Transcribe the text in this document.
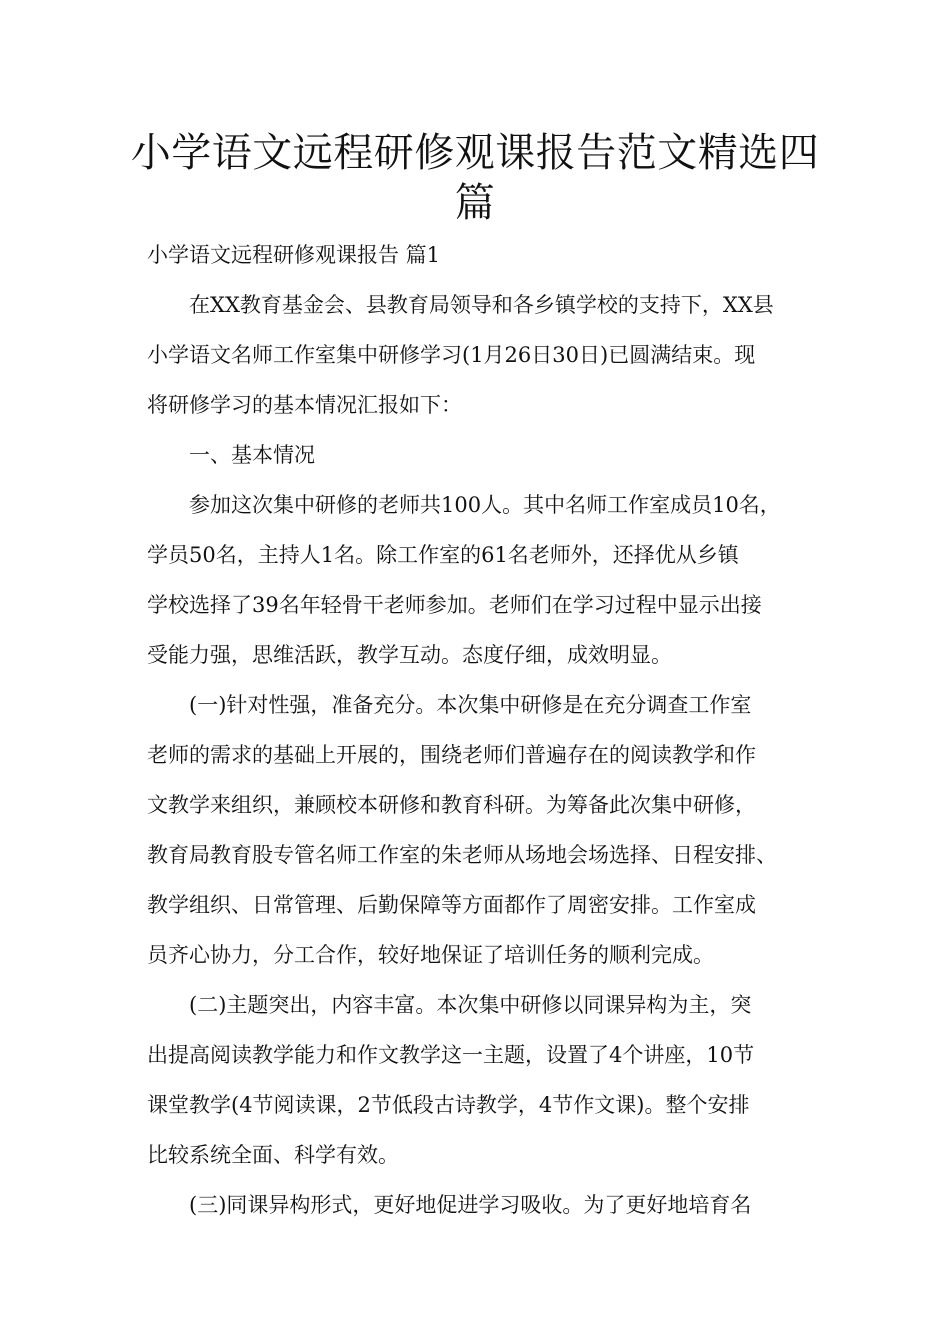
小学语文远程研修观课报告范文精选四
篇

小学语文远程研修观课报告 篇1

在XX教育基金会、县教育局领导和各乡镇学校的支持下，XX县

小学语文名师工作室集中研修学习(1月26日30日)已圆满结束。现

将研修学习的基本情况汇报如下：

一、基本情况

参加这次集中研修的老师共100人。其中名师工作室成员10名，

学员50名，主持人1名。除工作室的61名老师外，还择优从乡镇

学校选择了39名年轻骨干老师参加。老师们在学习过程中显示出接

受能力强，思维活跃，教学互动。态度仔细，成效明显。

(一)针对性强，准备充分。本次集中研修是在充分调查工作室

老师的需求的基础上开展的，围绕老师们普遍存在的阅读教学和作

文教学来组织，兼顾校本研修和教育科研。为筹备此次集中研修，

教育局教育股专管名师工作室的朱老师从场地会场选择、日程安排、

教学组织、日常管理、后勤保障等方面都作了周密安排。工作室成

员齐心协力，分工合作，较好地保证了培训任务的顺利完成。

(二)主题突出，内容丰富。本次集中研修以同课异构为主，突

出提高阅读教学能力和作文教学这一主题，设置了4个讲座，10节

课堂教学(4节阅读课，2节低段古诗教学，4节作文课)。整个安排

比较系统全面、科学有效。

(三)同课异构形式，更好地促进学习吸收。为了更好地培育名
